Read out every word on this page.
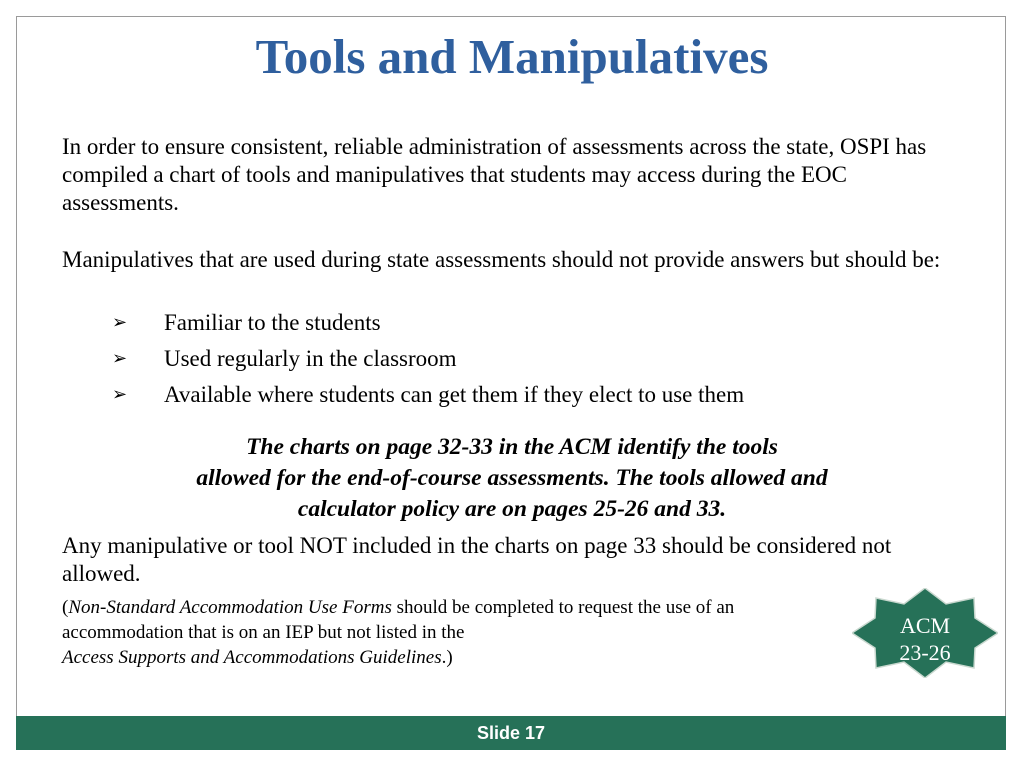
Tools and Manipulatives
In order to ensure consistent, reliable administration of assessments across the state, OSPI has compiled a chart of tools and manipulatives that students may access during the EOC assessments.
Manipulatives that are used during state assessments should not provide answers but should be:
➢	Familiar to the students
➢	Used regularly in the classroom
➢	Available where students can get them if they elect to use them
The charts on page 32-33 in the ACM identify the tools
allowed for the end-of-course assessments. The tools allowed and
calculator policy are on pages 25-26 and 33.
Any manipulative or tool NOT included in the charts on page 33 should be considered not allowed.
(Non-Standard Accommodation Use Forms should be completed to request the use of an accommodation that is on an IEP but not listed in the
Access Supports and Accommodations Guidelines.)
ACM
23-26
Slide 17
